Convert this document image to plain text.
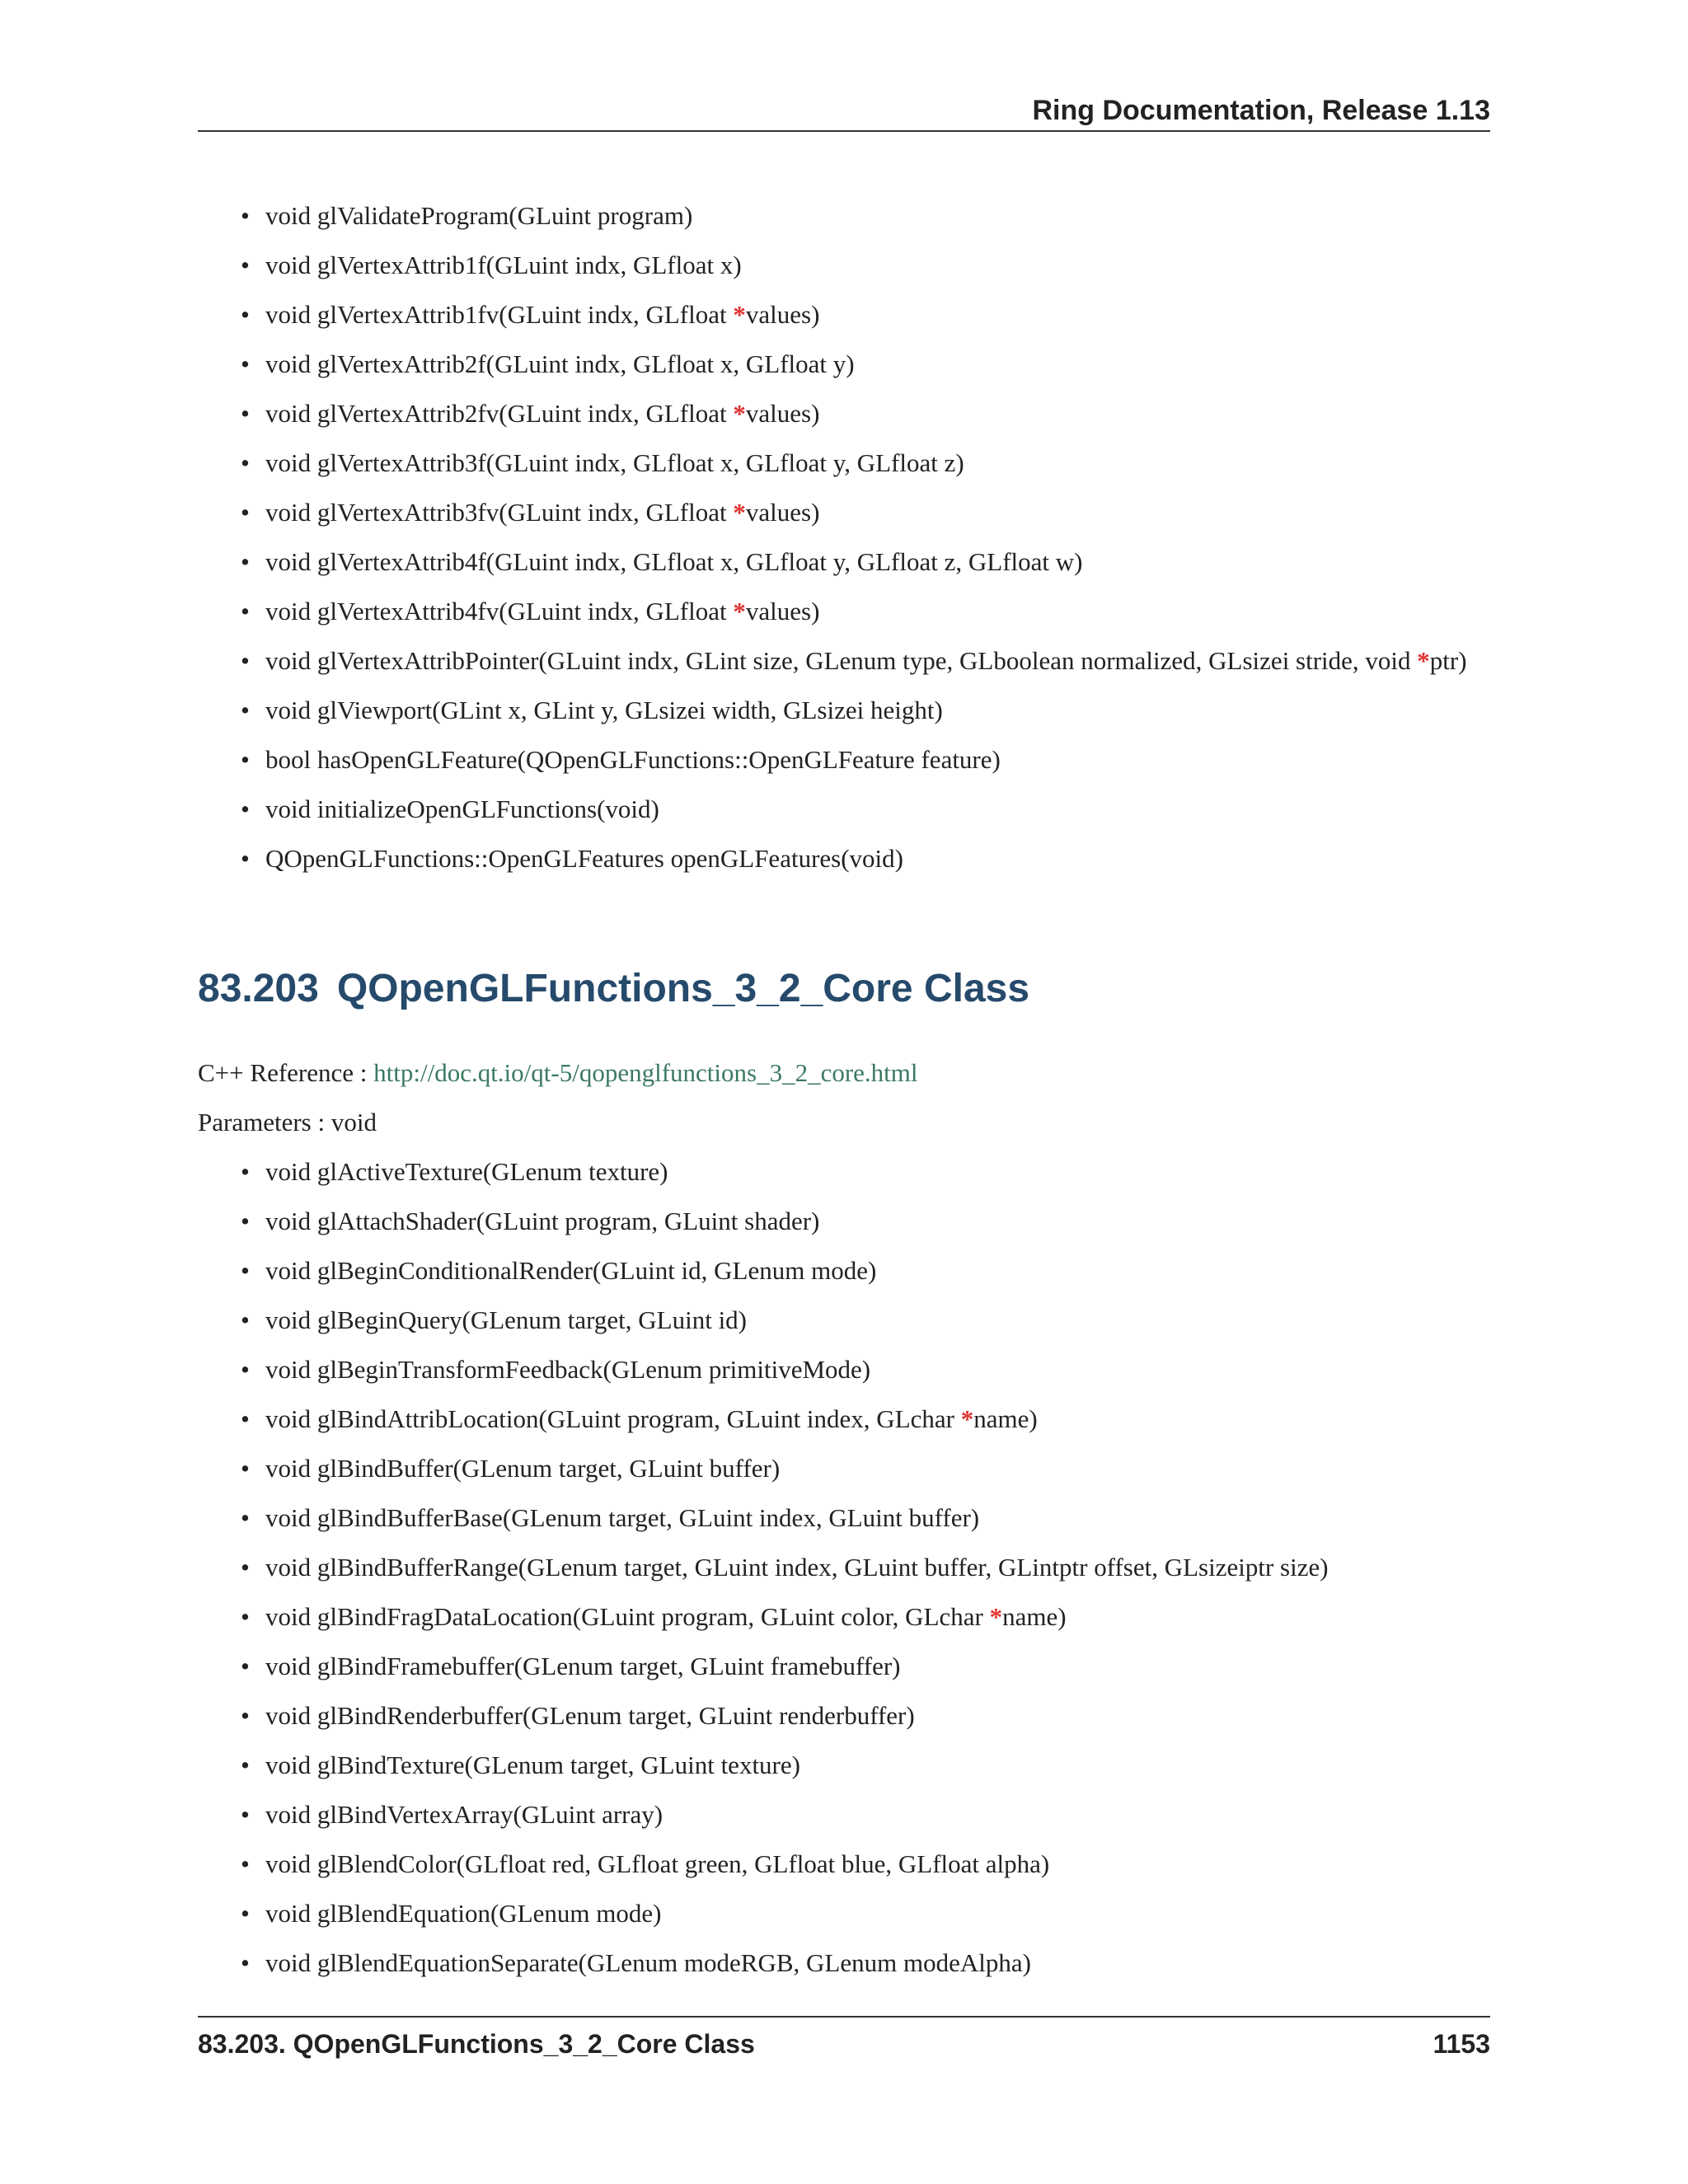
Ring Documentation, Release 1.13
• void glValidateProgram(GLuint program)
• void glVertexAttrib1f(GLuint indx, GLfloat x)
• void glVertexAttrib1fv(GLuint indx, GLfloat *values)
• void glVertexAttrib2f(GLuint indx, GLfloat x, GLfloat y)
• void glVertexAttrib2fv(GLuint indx, GLfloat *values)
• void glVertexAttrib3f(GLuint indx, GLfloat x, GLfloat y, GLfloat z)
• void glVertexAttrib3fv(GLuint indx, GLfloat *values)
• void glVertexAttrib4f(GLuint indx, GLfloat x, GLfloat y, GLfloat z, GLfloat w)
• void glVertexAttrib4fv(GLuint indx, GLfloat *values)
• void glVertexAttribPointer(GLuint indx, GLint size, GLenum type, GLboolean normalized, GLsizei stride, void *ptr)
• void glViewport(GLint x, GLint y, GLsizei width, GLsizei height)
• bool hasOpenGLFeature(QOpenGLFunctions::OpenGLFeature feature)
• void initializeOpenGLFunctions(void)
• QOpenGLFunctions::OpenGLFeatures openGLFeatures(void)
83.203 QOpenGLFunctions_3_2_Core Class
C++ Reference : http://doc.qt.io/qt-5/qopenglfunctions_3_2_core.html
Parameters : void
• void glActiveTexture(GLenum texture)
• void glAttachShader(GLuint program, GLuint shader)
• void glBeginConditionalRender(GLuint id, GLenum mode)
• void glBeginQuery(GLenum target, GLuint id)
• void glBeginTransformFeedback(GLenum primitiveMode)
• void glBindAttribLocation(GLuint program, GLuint index, GLchar *name)
• void glBindBuffer(GLenum target, GLuint buffer)
• void glBindBufferBase(GLenum target, GLuint index, GLuint buffer)
• void glBindBufferRange(GLenum target, GLuint index, GLuint buffer, GLintptr offset, GLsizeiptr size)
• void glBindFragDataLocation(GLuint program, GLuint color, GLchar *name)
• void glBindFramebuffer(GLenum target, GLuint framebuffer)
• void glBindRenderbuffer(GLenum target, GLuint renderbuffer)
• void glBindTexture(GLenum target, GLuint texture)
• void glBindVertexArray(GLuint array)
• void glBlendColor(GLfloat red, GLfloat green, GLfloat blue, GLfloat alpha)
• void glBlendEquation(GLenum mode)
• void glBlendEquationSeparate(GLenum modeRGB, GLenum modeAlpha)
83.203. QOpenGLFunctions_3_2_Core Class	1153
